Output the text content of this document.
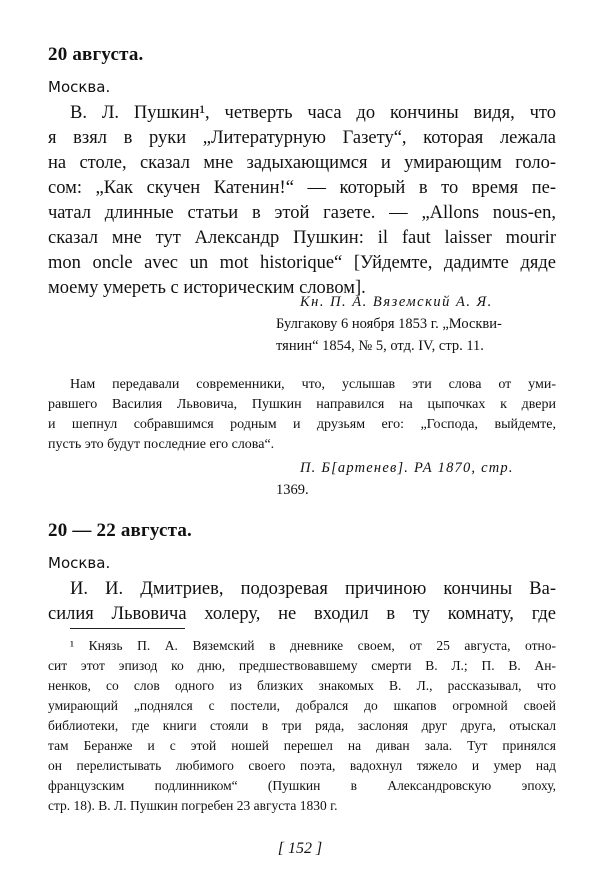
20 августа.
Москва.
В. Л. Пушкин¹, четверть часа до кончины видя, что
я взял в руки „Литературную Газету“, которая лежала
на столе, сказал мне задыхающимся и умирающим голо-
сом: „Как скучен Катенин!“ — который в то время пе-
чатал длинные статьи в этой газете. — „Allons nous-en,
сказал мне тут Александр Пушкин: il faut laisser mourir
mon oncle avec un mot historique“ [Уйдемте, дадимте дяде
моему умереть с историческим словом].
Кн. П. А. Вяземский А. Я.
Булгакову 6 ноября 1853 г. „Москви-
тянин“ 1854, № 5, отд. IV, стр. 11.
Нам передавали современники, что, услышав эти слова от уми-
равшего Василия Львовича, Пушкин направился на цыпочках к двери
и шепнул собравшимся родным и друзьям его: „Господа, выйдемте,
пусть это будут последние его слова“.
П. Б[артенев]. РА 1870, стр.
1369.
20 — 22 августа.
Москва.
И. И. Дмитриев, подозревая причиною кончины Ва-
силия Львовича холеру, не входил в ту комнату, где
¹ Князь П. А. Вяземский в дневнике своем, от 25 августа, отно-
сит этот эпизод ко дню, предшествовавшему смерти В. Л.; П. В. Ан-
ненков, со слов одного из близких знакомых В. Л., рассказывал, что
умирающий „поднялся с постели, добрался до шкапов огромной своей
библиотеки, где книги стояли в три ряда, заслоняя друг друга, отыскал
там Беранже и с этой ношей перешел на диван зала. Тут принялся
он перелистывать любимого своего поэта, вадохнул тяжело и умер над
французским подлинником“ (Пушкин в Александровскую эпоху,
стр. 18). В. Л. Пушкин погребен 23 августа 1830 г.
[ 152 ]
